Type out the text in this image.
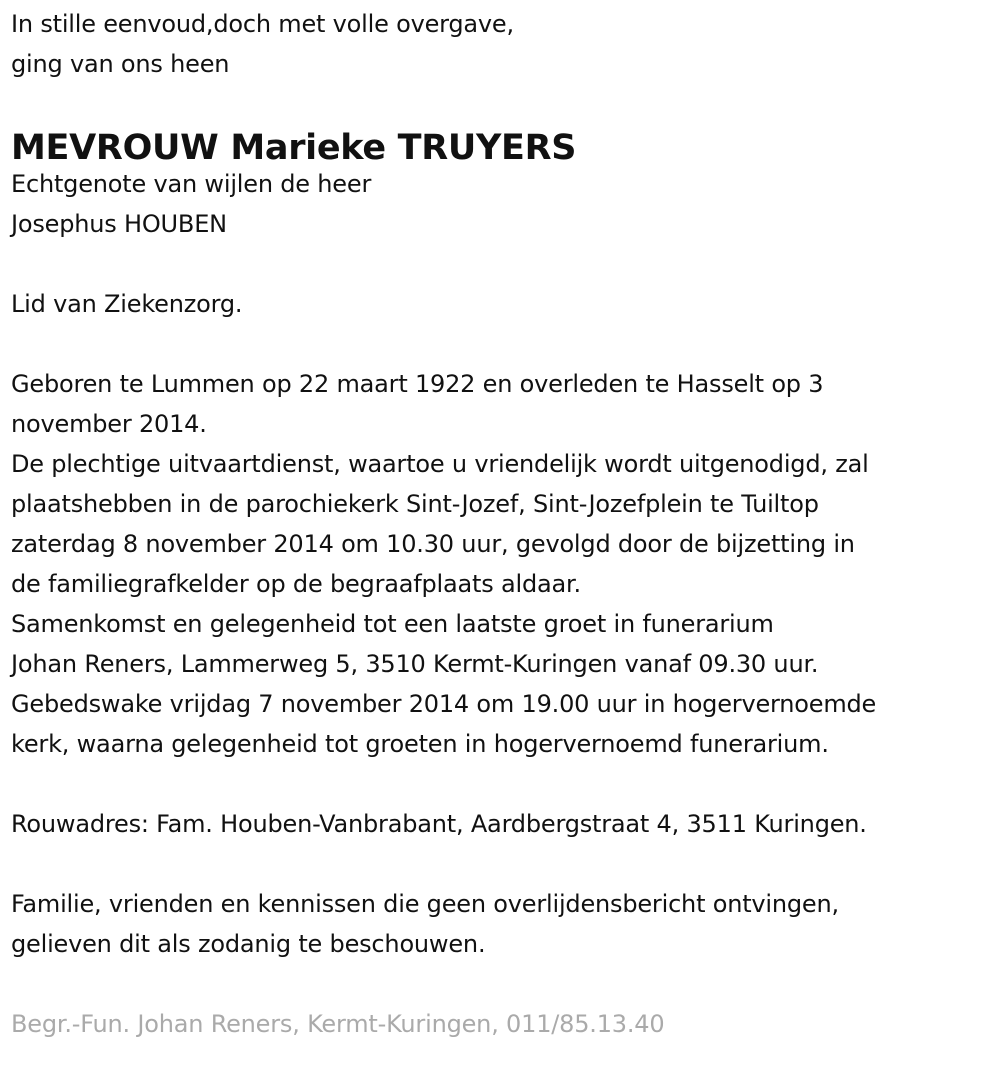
In stille eenvoud,doch met volle overgave,
ging van ons heen
MEVROUW Marieke TRUYERS
Echtgenote van wijlen de heer
Josephus HOUBEN
Lid van Ziekenzorg.
Geboren te Lummen op 22 maart 1922 en overleden te Hasselt op 3
november 2014.
De plechtige uitvaartdienst, waartoe u vriendelijk wordt uitgenodigd, zal
plaatshebben in de parochiekerk Sint-Jozef, Sint-Jozefplein te Tuiltop
zaterdag 8 november 2014 om 10.30 uur, gevolgd door de bijzetting in
de familiegrafkelder op de begraafplaats aldaar.
Samenkomst en gelegenheid tot een laatste groet in funerarium
Johan Reners, Lammerweg 5, 3510 Kermt-Kuringen vanaf 09.30 uur.
Gebedswake vrijdag 7 november 2014 om 19.00 uur in hogervernoemde
kerk, waarna gelegenheid tot groeten in hogervernoemd funerarium.
Rouwadres: Fam. Houben-Vanbrabant, Aardbergstraat 4, 3511 Kuringen.
Familie, vrienden en kennissen die geen overlijdensbericht ontvingen,
gelieven dit als zodanig te beschouwen.
Begr.-Fun. Johan Reners, Kermt-Kuringen, 011/85.13.40
